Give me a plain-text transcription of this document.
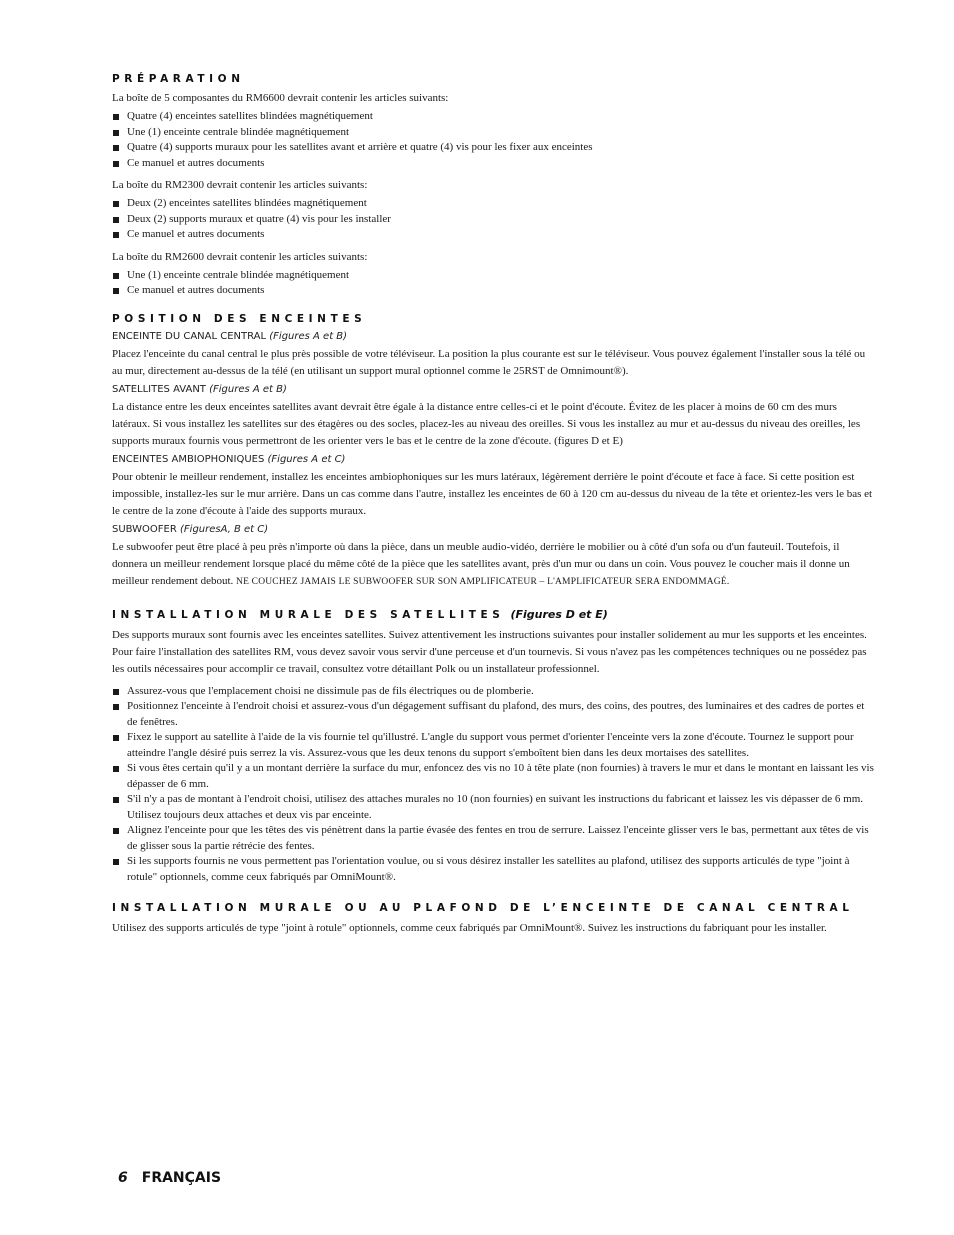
PRÉPARATION

La boîte de 5 composantes du RM6600 devrait contenir les articles suivants:

Quatre (4) enceintes satellites blindées magnétiquement
Une (1) enceinte centrale blindée magnétiquement
Quatre (4) supports muraux pour les satellites avant et arrière et quatre (4) vis pour les fixer aux enceintes
Ce manuel et autres documents

La boîte du RM2300 devrait contenir les articles suivants:

Deux (2) enceintes satellites blindées magnétiquement
Deux (2) supports muraux et quatre (4) vis pour les installer
Ce manuel et autres documents

La boîte du RM2600 devrait contenir les articles suivants:

Une (1) enceinte centrale blindée magnétiquement
Ce manuel et autres documents
POSITION DES ENCEINTES

ENCEINTE DU CANAL CENTRAL (Figures A et B)

Placez l'enceinte du canal central le plus près possible de votre téléviseur. La position la plus courante est sur le téléviseur. Vous pouvez également l'installer sous la télé ou au mur, directement au-dessus de la télé (en utilisant un support mural optionnel comme le 25RST de Omnimount®).

SATELLITES AVANT (Figures A et B)

La distance entre les deux enceintes satellites avant devrait être égale à la distance entre celles-ci et le point d'écoute. Évitez de les placer à moins de 60 cm des murs latéraux. Si vous installez les satellites sur des étagères ou des socles, placez-les au niveau des oreilles. Si vous les installez au mur et au-dessus du niveau des oreilles, les supports muraux fournis vous permettront de les orienter vers le bas et le centre de la zone d'écoute. (figures D et E)

ENCEINTES AMBIOPHONIQUES (Figures A et C)

Pour obtenir le meilleur rendement, installez les enceintes ambiophoniques sur les murs latéraux, légèrement derrière le point d'écoute et face à face. Si cette position est impossible, installez-les sur le mur arrière. Dans un cas comme dans l'autre, installez les enceintes de 60 à 120 cm au-dessus du niveau de la tête et orientez-les vers le bas et le centre de la zone d'écoute à l'aide des supports muraux.

SUBWOOFER (FiguresA, B et C)

Le subwoofer peut être placé à peu près n'importe où dans la pièce, dans un meuble audio-vidéo, derrière le mobilier ou à côté d'un sofa ou d'un fauteuil. Toutefois, il donnera un meilleur rendement lorsque placé du même côté de la pièce que les satellites avant, près d'un mur ou dans un coin. Vous pouvez le coucher mais il donne un meilleur rendement debout. NE COUCHEZ JAMAIS LE SUBWOOFER SUR SON AMPLIFICATEUR – L'AMPLIFICATEUR SERA ENDOMMAGÉ.

INSTALLATION MURALE DES SATELLITES (Figures D et E)

Des supports muraux sont fournis avec les enceintes satellites. Suivez attentivement les instructions suivantes pour installer solidement au mur les supports et les enceintes. Pour faire l'installation des satellites RM, vous devez savoir vous servir d'une perceuse et d'un tournevis. Si vous n'avez pas les compétences techniques ou ne possédez pas les outils nécessaires pour accomplir ce travail, consultez votre détaillant Polk ou un installateur professionnel.

Assurez-vous que l'emplacement choisi ne dissimule pas de fils électriques ou de plomberie.
Positionnez l'enceinte à l'endroit choisi et assurez-vous d'un dégagement suffisant du plafond, des murs, des coins, des poutres, des luminaires et des cadres de portes et de fenêtres.
Fixez le support au satellite à l'aide de la vis fournie tel qu'illustré. L'angle du support vous permet d'orienter l'enceinte vers la zone d'écoute. Tournez le support pour atteindre l'angle désiré puis serrez la vis. Assurez-vous que les deux tenons du support s'emboîtent bien dans les deux mortaises des satellites.
Si vous êtes certain qu'il y a un montant derrière la surface du mur, enfoncez des vis no 10 à tête plate (non fournies) à travers le mur et dans le montant en laissant les vis dépasser de 6 mm.
S'il n'y a pas de montant à l'endroit choisi, utilisez des attaches murales no 10 (non fournies) en suivant les instructions du fabricant et laissez les vis dépasser de 6 mm. Utilisez toujours deux attaches et deux vis par enceinte.
Alignez l'enceinte pour que les têtes des vis pénètrent dans la partie évasée des fentes en trou de serrure. Laissez l'enceinte glisser vers le bas, permettant aux têtes de vis de glisser sous la partie rétrécie des fentes.
Si les supports fournis ne vous permettent pas l'orientation voulue, ou si vous désirez installer les satellites au plafond, utilisez des supports articulés de type "joint à rotule" optionnels, comme ceux fabriqués par OmniMount®.
INSTALLATION MURALE OU AU PLAFOND DE L’ENCEINTE DE CANAL CENTRAL

Utilisez des supports articulés de type "joint à rotule" optionnels, comme ceux fabriqués par OmniMount®. Suivez les instructions du fabriquant pour les installer.

6 FRANÇAIS
